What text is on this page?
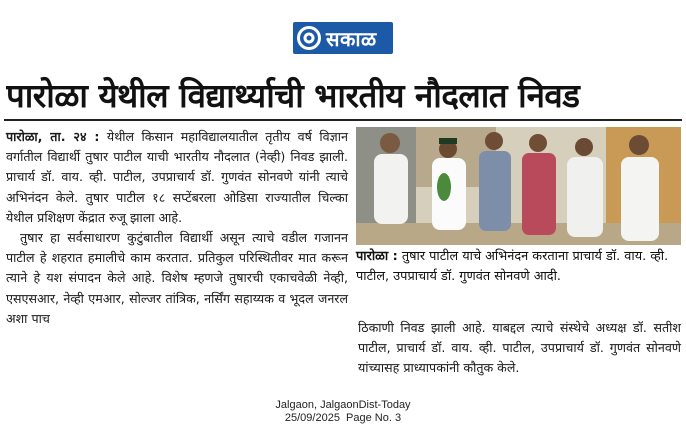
सकाळ
पारोळा येथील विद्यार्थ्याची भारतीय नौदलात निवड

पारोळा, ता. २४ : येथील किसान महाविद्यालयातील तृतीय वर्ष विज्ञान वर्गातील विद्यार्थी तुषार पाटील याची भारतीय नौदलात (नेव्ही) निवड झाली. प्राचार्य डॉ. वाय. व्ही. पाटील, उपप्राचार्य डॉ. गुणवंत सोनवणे यांनी त्याचे अभिनंदन केले. तुषार पाटील १८ सप्टेंबरला ओडिसा राज्यातील चिल्का येथील प्रशिक्षण केंद्रात रुजू झाला आहे.

तुषार हा सर्वसाधारण कुटुंबातील विद्यार्थी असून त्याचे वडील गजानन पाटील हे शहरात हमालीचे काम करतात. प्रतिकुल परिस्थितीवर मात करून त्याने हे यश संपादन केले आहे. विशेष म्हणजे तुषारची एकाचवेळी नेव्ही, एसएसआर, नेव्ही एमआर, सोल्जर तांत्रिक, नर्सिंग सहाय्यक व भूदल जनरल अशा पाच

पारोळा : तुषार पाटील याचे अभिनंदन करताना प्राचार्य डॉ. वाय. व्ही. पाटील, उपप्राचार्य डॉ. गुणवंत सोनवणे आदी.

ठिकाणी निवड झाली आहे. याबद्दल त्याचे संस्थेचे अध्यक्ष डॉ. सतीश पाटील, प्राचार्य डॉ. वाय. व्ही. पाटील, उपप्राचार्य डॉ. गुणवंत सोनवणे यांच्यासह प्राध्यापकांनी कौतुक केले.

Jalgaon, JalgaonDist-Today
25/09/2025  Page No. 3
